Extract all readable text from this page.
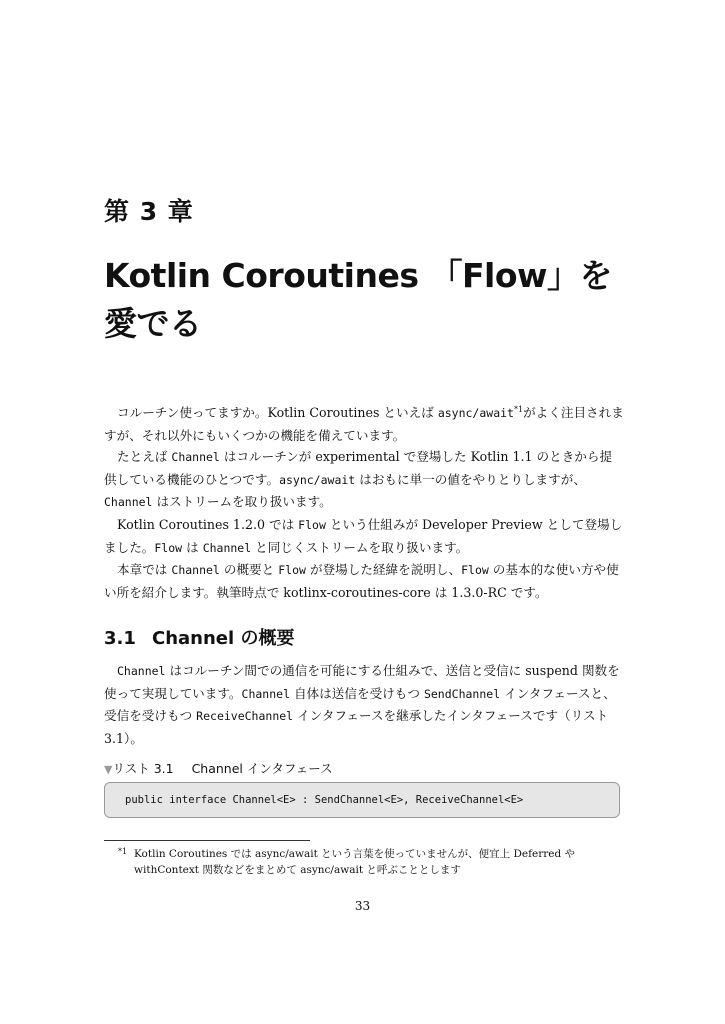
第 3 章
Kotlin Coroutines 「Flow」を愛でる

コルーチン使ってますか。Kotlin Coroutines といえば async/await$^{*1}$がよく注目されますが、それ以外にもいくつかの機能を備えています。

たとえば Channel はコルーチンが experimental で登場した Kotlin 1.1 のときから提供している機能のひとつです。async/await はおもに単一の値をやりとりしますが、Channel はストリームを取り扱います。

Kotlin Coroutines 1.2.0 では Flow という仕組みが Developer Preview として登場しました。Flow は Channel と同じくストリームを取り扱います。

本章では Channel の概要と Flow が登場した経緯を説明し、Flow の基本的な使い方や使い所を紹介します。執筆時点で kotlinx-coroutines-core は 1.3.0-RC です。

3.1 Channel の概要

Channel はコルーチン間での通信を可能にする仕組みで、送信と受信に suspend 関数を使って実現しています。Channel 自体は送信を受けもつ SendChannel インタフェースと、受信を受けもつ ReceiveChannel インタフェースを継承したインタフェースです（リスト 3.1）。

▼リスト 3.1 Channel インタフェース
public interface Channel<E> : SendChannel<E>, ReceiveChannel<E>
*1 Kotlin Coroutines では async/await という言葉を使っていませんが、便宜上 Deferred や withContext 関数などをまとめて async/await と呼ぶこととします
33
